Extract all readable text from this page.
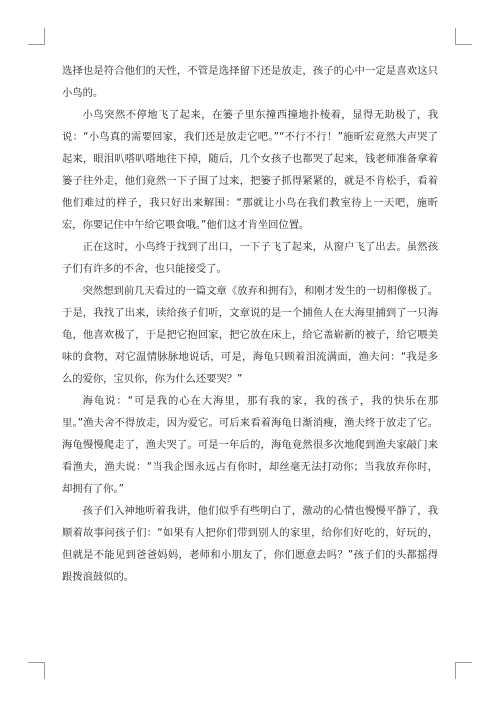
选择也是符合他们的天性，不管是选择留下还是放走，孩子的心中一定是喜欢这只小鸟的。

小鸟突然不停地飞了起来，在篓子里东撞西撞地扑棱着，显得无助极了，我说：“小鸟真的需要回家，我们还是放走它吧。”“不行不行！”施昕宏竟然大声哭了起来，眼泪叭嗒叭嗒地往下掉，随后，几个女孩子也都哭了起来，钱老师准备拿着篓子往外走，他们竟然一下子围了过来，把篓子抓得紧紧的，就是不肯松手，看着他们难过的样子，我只好出来解围：“那就让小鸟在我们教室待上一天吧，施昕宏，你要记住中午给它喂食哦。”他们这才肯坐回位置。

正在这时，小鸟终于找到了出口，一下子飞了起来，从窗户飞了出去。虽然孩子们有许多的不舍，也只能接受了。

突然想到前几天看过的一篇文章《放弃和拥有》，和刚才发生的一切相像极了。于是，我找了出来，读给孩子们听，文章说的是一个捕鱼人在大海里捕到了一只海龟，他喜欢极了，于是把它抱回家，把它放在床上，给它盖崭新的被子，给它喂美味的食物，对它温情脉脉地说话，可是，海龟只顾着泪流满面，渔夫问：“我是多么的爱你，宝贝你，你为什么还要哭？”

海龟说：“可是我的心在大海里，那有我的家，我的孩子，我的快乐在那里。”渔夫舍不得放走，因为爱它。可后来看着海龟日渐消瘦，渔夫终于放走了它。海龟慢慢爬走了，渔夫哭了。可是一年后的，海龟竟然很多次地爬到渔夫家敲门来看渔夫，渔夫说：“当我企图永远占有你时，却丝毫无法打动你；当我放弃你时，却拥有了你。”

孩子们入神地听着我讲，他们似乎有些明白了，激动的心情也慢慢平静了，我顺着故事问孩子们：“如果有人把你们带到别人的家里，给你们好吃的，好玩的，但就是不能见到爸爸妈妈，老师和小朋友了，你们愿意去吗？”孩子们的头都摇得跟拨浪鼓似的。
